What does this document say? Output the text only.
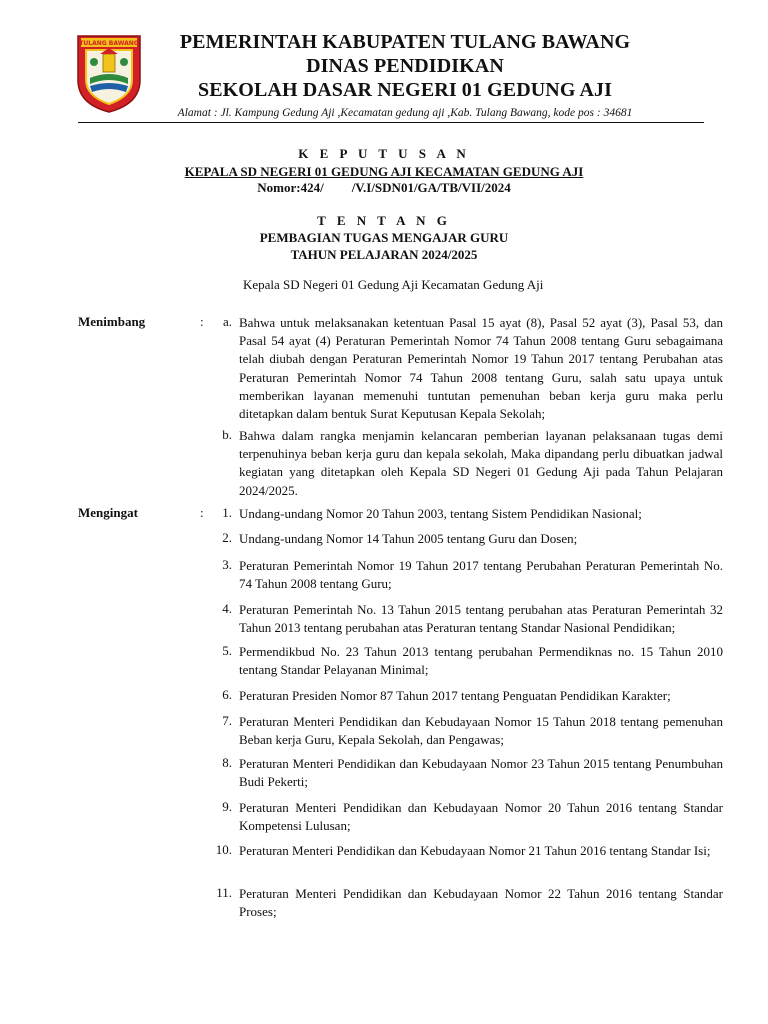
TULANG BAWANG	PEMERINTAH KABUPATEN TULANG BAWANG
DINAS PENDIDIKAN
SEKOLAH DASAR NEGERI 01 GEDUNG AJI
Alamat : Jl. Kampung Gedung Aji ,Kecamatan gedung aji ,Kab. Tulang Bawang, kode pos : 34681
K E P U T U S A N
KEPALA SD NEGERI 01 GEDUNG AJI KECAMATAN GEDUNG AJI
Nomor:424/ /V.I/SDN01/GA/TB/VII/2024
T E N T A N G
PEMBAGIAN TUGAS MENGAJAR GURU
TAHUN PELAJARAN 2024/2025
Kepala SD Negeri 01 Gedung Aji Kecamatan Gedung Aji
Menimbang	:	a. Bahwa untuk melaksanakan ketentuan Pasal 15 ayat (8), Pasal 52 ayat (3), Pasal 53, dan Pasal 54 ayat (4) Peraturan Pemerintah Nomor 74 Tahun 2008 tentang Guru sebagaimana telah diubah dengan Peraturan Pemerintah Nomor 19 Tahun 2017 tentang Perubahan atas Peraturan Pemerintah Nomor 74 Tahun 2008 tentang Guru, salah satu upaya untuk memberikan layanan memenuhi tuntutan pemenuhan beban kerja guru maka perlu ditetapkan dalam bentuk Surat Keputusan Kepala Sekolah;
b. Bahwa dalam rangka menjamin kelancaran pemberian layanan pelaksanaan tugas demi terpenuhinya beban kerja guru dan kepala sekolah, Maka dipandang perlu dibuatkan jadwal kegiatan yang ditetapkan oleh Kepala SD Negeri 01 Gedung Aji pada Tahun Pelajaran 2024/2025.
Mengingat	:	1. Undang-undang Nomor 20 Tahun 2003, tentang Sistem Pendidikan Nasional;
2. Undang-undang Nomor 14 Tahun 2005 tentang Guru dan Dosen;
3. Peraturan Pemerintah Nomor 19 Tahun 2017 tentang Perubahan Peraturan Pemerintah No. 74 Tahun 2008 tentang Guru;
4. Peraturan Pemerintah No. 13 Tahun 2015 tentang perubahan atas Peraturan Pemerintah 32 Tahun 2013 tentang perubahan atas Peraturan tentang Standar Nasional Pendidikan;
5. Permendikbud No. 23 Tahun 2013 tentang perubahan Permendiknas no. 15 Tahun 2010 tentang Standar Pelayanan Minimal;
6. Peraturan Presiden Nomor 87 Tahun 2017 tentang Penguatan Pendidikan Karakter;
7. Peraturan Menteri Pendidikan dan Kebudayaan Nomor 15 Tahun 2018 tentang pemenuhan Beban kerja Guru, Kepala Sekolah, dan Pengawas;
8. Peraturan Menteri Pendidikan dan Kebudayaan Nomor 23 Tahun 2015 tentang Penumbuhan Budi Pekerti;
9. Peraturan Menteri Pendidikan dan Kebudayaan Nomor 20 Tahun 2016 tentang Standar Kompetensi Lulusan;
10. Peraturan Menteri Pendidikan dan Kebudayaan Nomor 21 Tahun 2016 tentang Standar Isi;
11. Peraturan Menteri Pendidikan dan Kebudayaan Nomor 22 Tahun 2016 tentang Standar Proses;
